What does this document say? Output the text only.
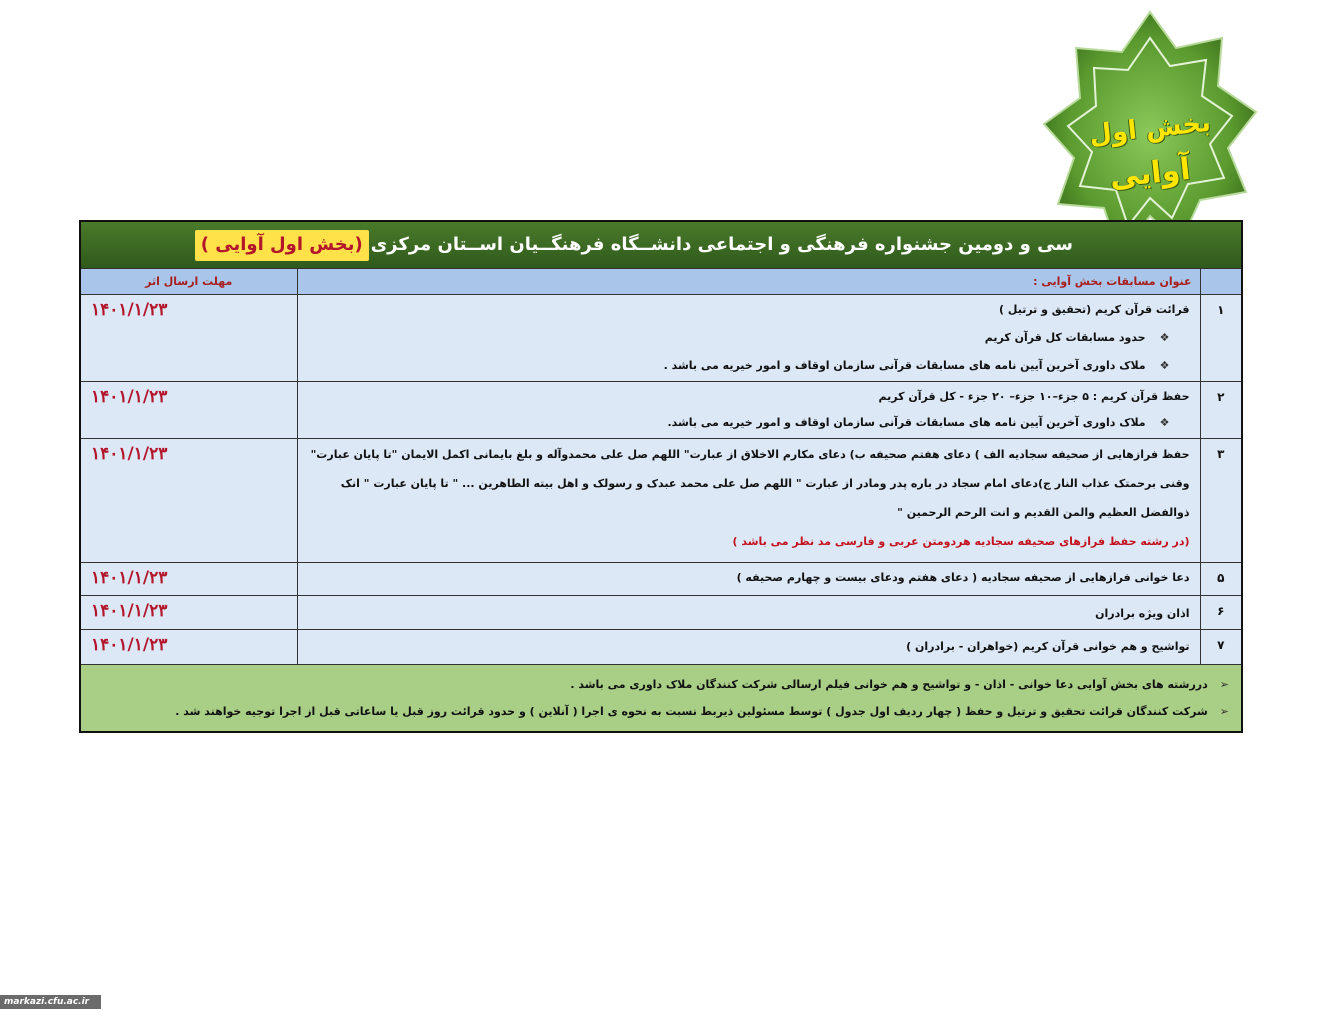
بخش اول
آوایی
سی و دومین جشنواره فرهنگی و اجتماعی دانشــگاه فرهنگــیان اســتان مرکزی(بخش اول آوایی )		
	عنوان مسابقات بخش آوایی :	مهلت ارسال اثر
۱	قرائت قرآن کریم (تحقیق و ترتیل )

❖حدود مسابقات کل قرآن کریم

❖ملاک داوری آخرین آیین نامه های مسابقات قرآنی سازمان اوقاف و امور خیریه می باشد .	۱۴۰۱/۱/۲۳
۲	حفظ قرآن کریم : ۵ جزء–۱۰ جزء– ۲۰ جزء - کل قرآن کریم

❖ملاک داوری آخرین آیین نامه های مسابقات قرآنی سازمان اوقاف و امور خیریه می باشد.	۱۴۰۱/۱/۲۳
۳	حفظ فرازهایی از صحیفه سجادیه الف ) دعای هفتم صحیفه ب) دعای مکارم الاخلاق از عبارت" اللهم صل علی محمدوآله و بلغ بایمانی اکمل الایمان "تا پایان عبارت"

وقنی برحمتک عذاب النار ج)دعای امام سجاد در باره پدر ومادر از عبارت " اللهم صل علی محمد عبدک و رسولک و اهل بیته الطاهرین ... " تا پایان عبارت " انک

ذوالفضل العظیم والمن القدیم و انت الرحم الرحمین "

(در رشته حفظ فرازهای صحیفه سجادیه هردومتن عربی و فارسی مد نظر می باشد )	۱۴۰۱/۱/۲۳
۵	دعا خوانی فرازهایی از صحیفه سجادیه ( دعای هفتم ودعای بیست و چهارم صحیفه )	۱۴۰۱/۱/۲۳
۶	اذان ویژه برادران	۱۴۰۱/۱/۲۳
۷	تواشیح و هم خوانی قرآن کریم (خواهران - برادران )	۱۴۰۱/۱/۲۳

➢دررشته های بخش آوایی دعا خوانی - اذان - و تواشیح و هم خوانی فیلم ارسالی شرکت کنندگان ملاک داوری می باشد .

➢شرکت کنندگان قرائت تحقیق و ترتیل و حفظ ( چهار ردیف اول جدول ) توسط مسئولین ذیربط نسبت به نحوه ی اجرا ( آنلاین ) و حدود قرائت روز قبل یا ساعاتی قبل از اجرا توجیه خواهند شد .		

markazi.cfu.ac.ir
